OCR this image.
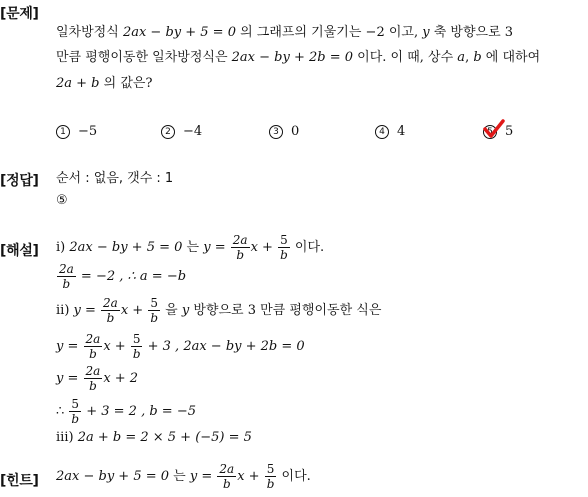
[문제]
[정답]
[해설]
[힌트]
일차방정식 2ax − by + 5 = 0 의 그래프의 기울기는 −2 이고, y 축 방향으로 3
만큼 평행이동한 일차방정식은 2ax − by + 2b = 0 이다. 이 때, 상수 a, b 에 대하여
2a + b 의 값은?
1 −5	2 −4	3 0	4 4	5 5
순서 : 없음, 갯수 : 1
⑤
ⅰ) 2ax − by + 5 = 0 는 $y = \frac{2a}{b}$ $x + \frac{5}{b}$ 이다.
$\frac{2a}{b} = -2$ , ∴ a = −b
ⅱ) $y = \frac{2a}{b}$ $x + \frac{5}{b}$ 을 y 방향으로 3 만큼 평행이동한 식은
$y = \frac{2a}{b}$ $x + \frac{5}{b} + 3$ , 2ax − by + 2b = 0
$y = \frac{2a}{b}$ x + 2
∴ $\frac{5}{b} + 3 = 2$ , b = −5
ⅲ) 2a + b = 2 × 5 + (−5) = 5
2ax − by + 5 = 0 는 $y = \frac{2a}{b}$ $x + \frac{5}{b}$ 이다.
